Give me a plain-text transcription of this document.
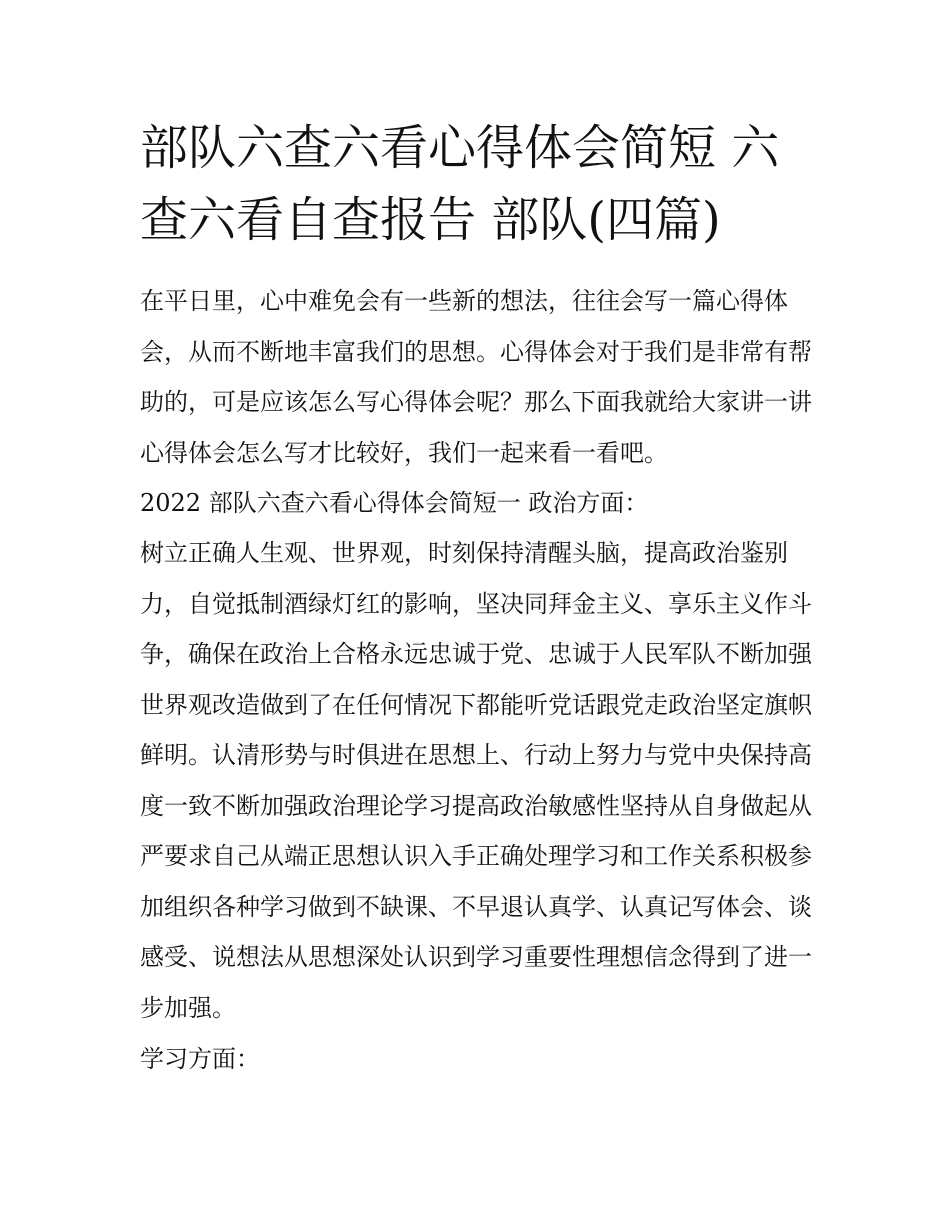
部队六查六看心得体会简短 六查六看自查报告 部队(四篇)

在平日里，心中难免会有一些新的想法，往往会写一篇心得体会，从而不断地丰富我们的思想。心得体会对于我们是非常有帮助的，可是应该怎么写心得体会呢？那么下面我就给大家讲一讲心得体会怎么写才比较好，我们一起来看一看吧。

2022 部队六查六看心得体会简短一 政治方面：

树立正确人生观、世界观，时刻保持清醒头脑，提高政治鉴别力，自觉抵制酒绿灯红的影响，坚决同拜金主义、享乐主义作斗争，确保在政治上合格永远忠诚于党、忠诚于人民军队不断加强世界观改造做到了在任何情况下都能听党话跟党走政治坚定旗帜鲜明。认清形势与时俱进在思想上、行动上努力与党中央保持高度一致不断加强政治理论学习提高政治敏感性坚持从自身做起从严要求自己从端正思想认识入手正确处理学习和工作关系积极参加组织各种学习做到不缺课、不早退认真学、认真记写体会、谈感受、说想法从思想深处认识到学习重要性理想信念得到了进一步加强。

学习方面：
